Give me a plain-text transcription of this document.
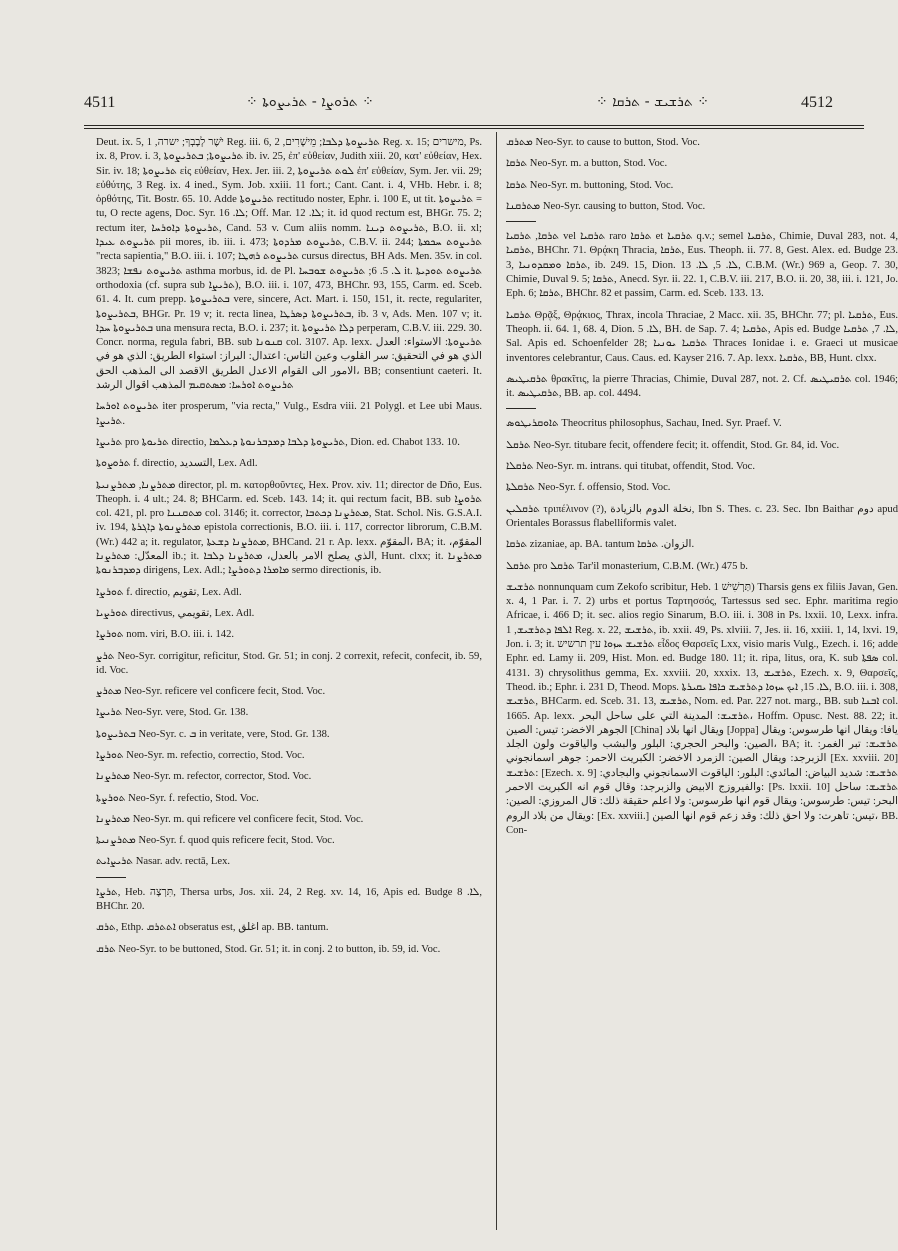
4511	⁘ ܬܪܘܨܐ - ܬܪܝܨܘܬܐ ⁘	⁘ ܬܪܫܝܫ - ܬܪܩܐ ⁘	4512

Deut. ix. 5, יֹשֶׁר לְבָבְךָ; ישרה, 1 Reg. iii. 6, ܬܪܝܨܘܬܐ ܕܠܒܐ; מֵישָׁרִים, 2 Reg. x. 15; מישרים, Ps. ix. 8, Prov. i. 3, ܬܪܝܨܘܬܐ; ܒܬܪܝܨܘܬܐ ib. iv. 25, ἐπ' εὐθείαν, Judith xiii. 20, κατ' εὐθείαν, Hex. Sir. iv. 18; ܬܪܝܨܘܬܐ εἰς εὐθείαν, Hex. Jer. iii. 2, ܠܘܬ ܬܪܝܨܘܬܐ ἐπ' εὐθείαν, Sym. Jer. vii. 29; εὐθύτης, 3 Reg. ix. 4 ined., Sym. Job. xxiii. 11 fort.; Cant. Cant. i. 4, VHb. Hebr. i. 8; ὀρθότης, Tit. Bostr. 65. 10. Adde ܬܪܝܨܘܬܐ rectitudo noster, Ephr. i. 100 E, ut tit. ܬܪܝܨܘܬܐ = tu, O recte agens, Doc. Syr. ܠܐ. 16; Off. Mar. ܠܐ. 12; it. id quod rectum est, BHGr. 75. 2; rectum iter, ܬܪܝܨܘܬܐ ܕܐܘܪܚܐ, Cand. 53 v. Cum aliis nomm. ܬܪܝܨܘܬ ܕܝܢܐ, B.O. ii. xl; ܬܪܝܨܘܬ ܥܝܕܐ pii mores, ib. iii. i. 473; ܬܪܝܨܘܬ ܡܪܕܘܬܐ, C.B.V. ii. 244; ܬܪܝܨܘܬ ܚܟܡܬܐ "recta sapientia," B.O. iii. i. 107; ܬܪܝܨܘܬ ܪܗܛܐ cursus directus, BH Ads. Men. 35v. in col. 3823; ܬܪܝܨܘܬ ܢܦܫܐ asthma morbus, id. de Pl. ܠ. 5. 6; ܬܪܝܨܘܬ ܫܘܒܚܐ it. ܬܪܝܨܘܬ ܬܘܕܝܬܐ orthodoxia (cf. supra sub ܬܪܝܨܐ), B.O. iii. i. 107, 473, BHChr. 93, 155, Carm. ed. Sceb. 61. 4. It. cum prepp. ܒܬܪܝܨܘܬܐ vere, sincere, Act. Mart. i. 150, 151, it. recte, regulariter, ܒܬܪܝܨܘܬܐ, BHGr. Pr. 19 v; it. recta linea, ܒܬܪܝܨܘܬܐ ܕܣܪܛܐ, ib. 3 v, Ads. Men. 107 v; it. ܒܬܪܝܨܘܬܐ ܚܕܐ una mensura recta, B.O. i. 237; it. ܕܠܐ ܬܪܝܨܘܬܐ perperam, C.B.V. iii. 229. 30. Concr. norma, regula fabri, BB. sub ܩܢܘܢܐ col. 3107. Ap. lexx. ܬܪܝܨܘܬܐ: الاستواء: العدل الذي هو في التحقيق: سر القلوب وعين التاس: اعتدال: البراز: استواء الطريق: الذي هو في الامور الى القوام الاعدل الطريق الاقصد الى المذهب الحق، BB; consentiunt caeteri. It. ܬܪܝܨܘܬ ܐܘܪܚܐ: ܡܣܬܩܝܡ المذهب اقوال الرشد

ܬܪܝܨܘܬ ܐܘܪܚܐ iter prosperum, "via recta," Vulg., Esdra viii. 21 Polygl. et Lee ubi Maus. ܬܪܝܨܐ.

ܬܪܝܨܐ pro ܬܪܝܘܬܐ directio, ܬܪܝܨܘܬܐ ܕܠܒܐ ܕܡܕܒܪܢܘܬܐ ܕܥܠܡܐ, Dion. ed. Chabot 133. 10.

ܬܪܘܨܘܬܐ f. directio, التسديد, Lex. Adl.

ܡܬܪܨܢܐ, ܡܬܪܨܢܝܬܐ director, pl. m. κατορθοῦντες, Hex. Prov. xiv. 11; director de Dño, Eus. Theoph. i. 4 ult.; 24. 8; BHCarm. ed. Sceb. 143. 14; it. qui rectum facit, BB. sub ܬܪܘܨܐ col. 421, pl. pro ܡܬܩܢܢܐ col. 3146; it. corrector, ܡܬܪܨܢܐ ܕܟܬܒܐ, Stat. Schol. Nis. G.S.A.I. iv. 194, ܡܬܪܨܢܘܬܐ ܕܐܓܪܬܐ epistola correctionis, B.O. iii. i. 117, corrector librorum, C.B.M. (Wr.) 442 a; it. regulator, ܡܬܪܨܢܐ ܕܫܥܬܐ, BHCand. 21 r. Ap. lexx. المقوّم، BA; it. المقوّم، المعدّل: ܡܬܪܨܢܐ ib.; it. الذي يصلح الامر بالعدل، ܡܬܪܨܢܐ ܕܠܒܐ, Hunt. clxx; it. ܡܬܪܨܢܐ ܕܡܕܒܪܢܘܬܐ dirigens, Lex. Adl.; ܡܐܡܪܐ ܕܬܘܪܨܐ sermo directionis, ib.

ܬܘܪܨܐ f. directio, تقويم, Lex. Adl.

ܬܘܪܨܝܐ directivus, تقويمي, Lex. Adl.

ܬܘܪܨܐ nom. viri, B.O. iii. i. 142.

ܬܪܨ Neo-Syr. corrigitur, reficitur, Stod. Gr. 51; in conj. 2 correxit, refecit, confecit, ib. 59, id. Voc.

ܡܬܪܨ Neo-Syr. reficere vel conficere fecit, Stod. Voc.

ܬܪܝܨܐ Neo-Syr. vere, Stod. Gr. 138.

ܒܬܪܝܨܘܬܐ Neo-Syr. c. ܒ in veritate, vere, Stod. Gr. 138.

ܬܘܪܨܐ Neo-Syr. m. refectio, correctio, Stod. Voc.

ܡܬܪܨܢܐ Neo-Syr. m. refector, corrector, Stod. Voc.

ܬܘܪܨܬܐ Neo-Syr. f. refectio, Stod. Voc.

ܡܬܪܨܢܐ Neo-Syr. m. qui reficere vel conficere fecit, Stod. Voc.

ܡܬܪܨܢܝܬܐ Neo-Syr. f. quod quis reficere fecit, Stod. Voc.

ܬܪܝܨܐܝܬ Nasar. adv. rectā, Lex.

ܬܪܨܐ, Heb. תִּרְצָה, Thersa urbs, Jos. xii. 24, 2 Reg. xv. 14, 16, Apis ed. Budge ܠܐ. 8, BHChr. 20.

ܬܪܩ, Ethp. ܐܬܬܪܩ obseratus est, اغلق ap. BB. tantum.

ܬܪܩ Neo-Syr. to be buttoned, Stod. Gr. 51; it. in conj. 2 to button, ib. 59, id. Voc.

ܡܬܪܩ Neo-Syr. to cause to button, Stod. Voc.

ܬܪܩܐ Neo-Syr. m. a button, Stod. Voc.

ܬܪܩܐ Neo-Syr. m. buttoning, Stod. Voc.

ܡܬܪܩܢܐ Neo-Syr. causing to button, Stod. Voc.

ܬܪܩܐ, ܬܪܩܝܐ vel ܬܪܩܝܐ raro ܬܪܩܐ et ܬܪܩܝܐ q.v.; semel ܬܪܩܝܐ, Chimie, Duval 283, not. 4, ܬܪܩܝܐ, BHChr. 71. Θρᾴκη Thracia, ܬܪܩܐ, Eus. Theoph. ii. 77. 8, Gest. Alex. ed. Budge 23. 3, ܬܪܩܐ ܘܡܩܕܘܢܝܐ, ib. 249. 15, Dion. ܠܐ. 5, ܠܐ. 13, C.B.M. (Wr.) 969 a, Geop. 7. 30, Chimie, Duval 9. 5; ܬܪܩܐ, Anecd. Syr. ii. 22. 1, C.B.V. iii. 217, B.O. ii. 20, 38, iii. i. 121, Jo. Eph. 6; ܬܪܩܐ, BHChr. 82 et passim, Carm. ed. Sceb. 133. 13.

ܬܪܩܝܐ Θρᾷξ, Θρᾴκιος, Thrax, incola Thraciae, 2 Macc. xii. 35, BHChr. 77; pl. ܬܪܩܝܐ, Eus. Theoph. ii. 64. 1, 68. 4, Dion. ܠܐ. 5, BH. de Sap. 7. 4; ܬܪܩܝܐ, Apis ed. Budge ܠܐ. 7, ܬܪܩܝܐ, Sal. Apis ed. Schoenfelder 28; ܬܪܩܝܐ ܝܘܢܝܐ Thraces Ionidae i. e. Graeci ut musicae inventores celebrantur, Caus. Caus. ed. Kayser 216. 7. Ap. lexx. ܬܪܩܝܐ, BB, Hunt. clxx.

ܬܪܩܝܛܝܣ θρακῖτις, la pierre Thracias, Chimie, Duval 287, not. 2. Cf. ܬܪܩܝܛܝܣ col. 1946; it. ܬܪܩܝܛܝܣ, BB. ap. col. 4494.

ܬܐܘܩܪܝܛܘܣ Theocritus philosophus, Sachau, Ined. Syr. Praef. V.

ܬܪܩܠ Neo-Syr. titubare fecit, offendere fecit; it. offendit, Stod. Gr. 84, id. Voc.

ܬܪܩܠܐ Neo-Syr. m. intrans. qui titubat, offendit, Stod. Voc.

ܬܪܩܠܬܐ Neo-Syr. f. offensio, Stod. Voc.

ܬܪܩܠܝܢ τριπέλινον (?), نخلة الدوم بالزيادة, Ibn S. Thes. c. 23. Sec. Ibn Baithar دوم apud Orientales Borassus flabelliformis valet.

ܬܪܩܐ zizaniae, ap. BA. tantum الزوان. ܬܪܩܐ.

ܬܪܩܠ pro ܬܪܩܠ Tar'il monasterium, C.B.M. (Wr.) 475 b.

ܬܪܫܝܫ nonnunquam cum Zekofo scribitur, Heb. תַּרְשִׁישׁ 1) Tharsis gens ex filiis Javan, Gen. x. 4, 1 Par. i. 7. 2) urbs et portus Ταρτησσός, Tartessus sed sec. Ephr. maritima regio Africae, i. 466 D; it. sec. alios regio Sinarum, B.O. iii. i. 308 in Ps. lxxii. 10, Lexx. infra. ܐܠܦܐ ܕܬܪܫܝܫ, 1 Reg. x. 22, ܬܪܫܝܫ, ib. xxii. 49, Ps. xlviii. 7, Jes. ii. 16, xxiii. 1, 14, lxvi. 19, Jon. i. 3; it. ܬܪܫܝܫ ܚܙܘܐ עין תרשיש εἶδος Θαρσεῖς Lxx, visio maris Vulg., Ezech. i. 16; adde Ephr. ed. Lamy ii. 209, Hist. Mon. ed. Budge 180. 11; it. ripa, litus, ora, K. sub ܣܦܬܐ col. 4131. 3) chrysolithus gemma, Ex. xxviii. 20, xxxix. 13, ܬܪܫܝܫ, Ezech. x. 9, Θαρσεῖς, Theod. ib.; Ephr. i. 231 D, Theod. Mops. ܠܐ. 15, ܐܝܟ ܚܙܘܐ ܕܬܪܫܝܫ ܟܐܦܐ ܝܩܝܪܬܐ, B.O. iii. i. 308, ܬܪܫܝܫ, BHCarm. ed. Sceb. 31. 13, ܬܪܫܝܫ, Nom. ed. Par. 227 not. marg., BB. sub ܐܒܢܐ col. 1665. Ap. lexx. ܬܪܫܝܫ: المدينة التي على ساحل البحر، Hoffm. Opusc. Nest. 88. 22; it. الجوهر الاخضر: تيس: الصين [China] ويقال انها بلاد [Joppa] يافا: ويقال انها طرسوس: ويقال الصين: والبحر الحجري: البلور والبشب والياقوت ولون الجلد، BA; it. ܬܪܫܝܫ: تبر الغمر: الزبرجد: ويقال الصين: الزمرد الاخضر: الكبريت الاحمر: جوهر اسمانجوني [Ex. xxviii. 20] ܬܪܫܝܫ: [Ezech. x. 9] ܬܪܫܝܫ: شديد البياض: المائدي: البلور: الياقوت الاسمانجوني والبجادي: والفيروزج الابيض والزبرجد: وقال قوم انه الكبريت الاحمر: [Ps. lxxii. 10] ܬܪܫܝܫ: ساحل البحر: تيس: طرسوس: ويقال قوم انها طرسوس: ولا اعلم حقيقة ذلك: قال المروزي: الصين: ويقال من بلاد الروم: [Ex. xxviii.] تيس: تاهرت: ولا احق ذلك: وقد زعم قوم انها الصين، BB. Con-
